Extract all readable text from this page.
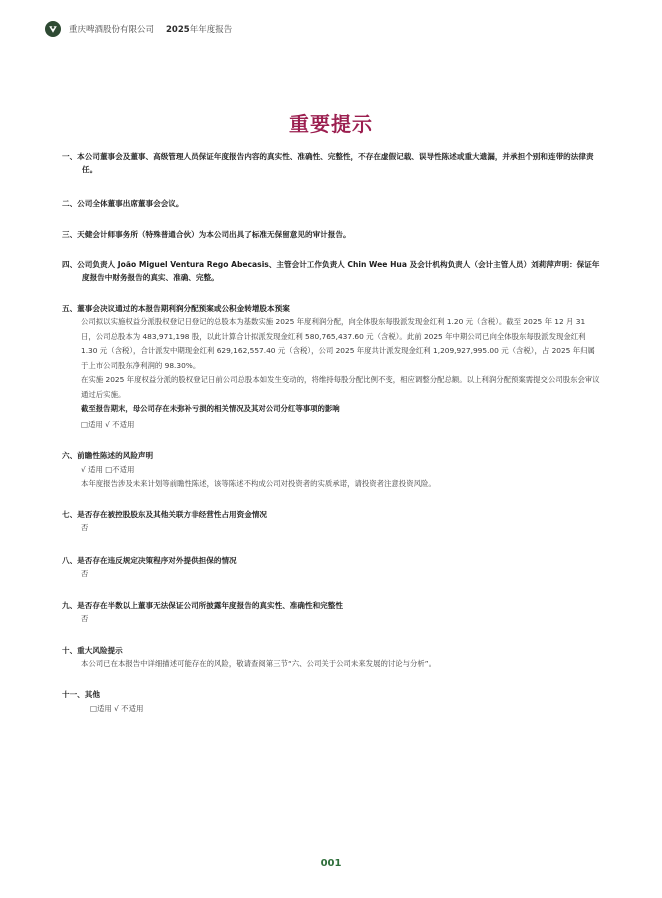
重庆啤酒股份有限公司 2025年年度报告
重要提示
一、本公司董事会及董事、高级管理人员保证年度报告内容的真实性、准确性、完整性，不存在虚假记载、误导性陈述或重大遗漏，并承担个别和连带的法律责任。
二、公司全体董事出席董事会会议。
三、天健会计师事务所（特殊普通合伙）为本公司出具了标准无保留意见的审计报告。
四、公司负责人 João Miguel Ventura Rego Abecasis、主管会计工作负责人 Chin Wee Hua 及会计机构负责人（会计主管人员）刘莉萍声明：保证年度报告中财务报告的真实、准确、完整。
五、董事会决议通过的本报告期利润分配预案或公积金转增股本预案
公司拟以实施权益分派股权登记日登记的总股本为基数实施 2025 年度利润分配，向全体股东每股派发现金红利 1.20 元（含税）。截至 2025 年 12 月 31 日，公司总股本为 483,971,198 股，以此计算合计拟派发现金红利 580,765,437.60 元（含税）。此前 2025 年中期公司已向全体股东每股派发现金红利 1.30 元（含税），合计派发中期现金红利 629,162,557.40 元（含税），公司 2025 年度共计派发现金红利 1,209,927,995.00 元（含税），占 2025 年归属于上市公司股东净利润的 98.30%。
在实施 2025 年度权益分派的股权登记日前公司总股本如发生变动的，将维持每股分配比例不变，相应调整分配总额。以上利润分配预案需提交公司股东会审议通过后实施。
截至报告期末，母公司存在未弥补亏损的相关情况及其对公司分红等事项的影响
□适用 √ 不适用
六、前瞻性陈述的风险声明
√ 适用 □不适用
本年度报告涉及未来计划等前瞻性陈述，该等陈述不构成公司对投资者的实质承诺，请投资者注意投资风险。
七、是否存在被控股股东及其他关联方非经营性占用资金情况
否
八、是否存在违反规定决策程序对外提供担保的情况
否
九、是否存在半数以上董事无法保证公司所披露年度报告的真实性、准确性和完整性
否
十、重大风险提示
本公司已在本报告中详细描述可能存在的风险，敬请查阅第三节“六、公司关于公司未来发展的讨论与分析”。
十一、其他
□适用 √ 不适用
001
